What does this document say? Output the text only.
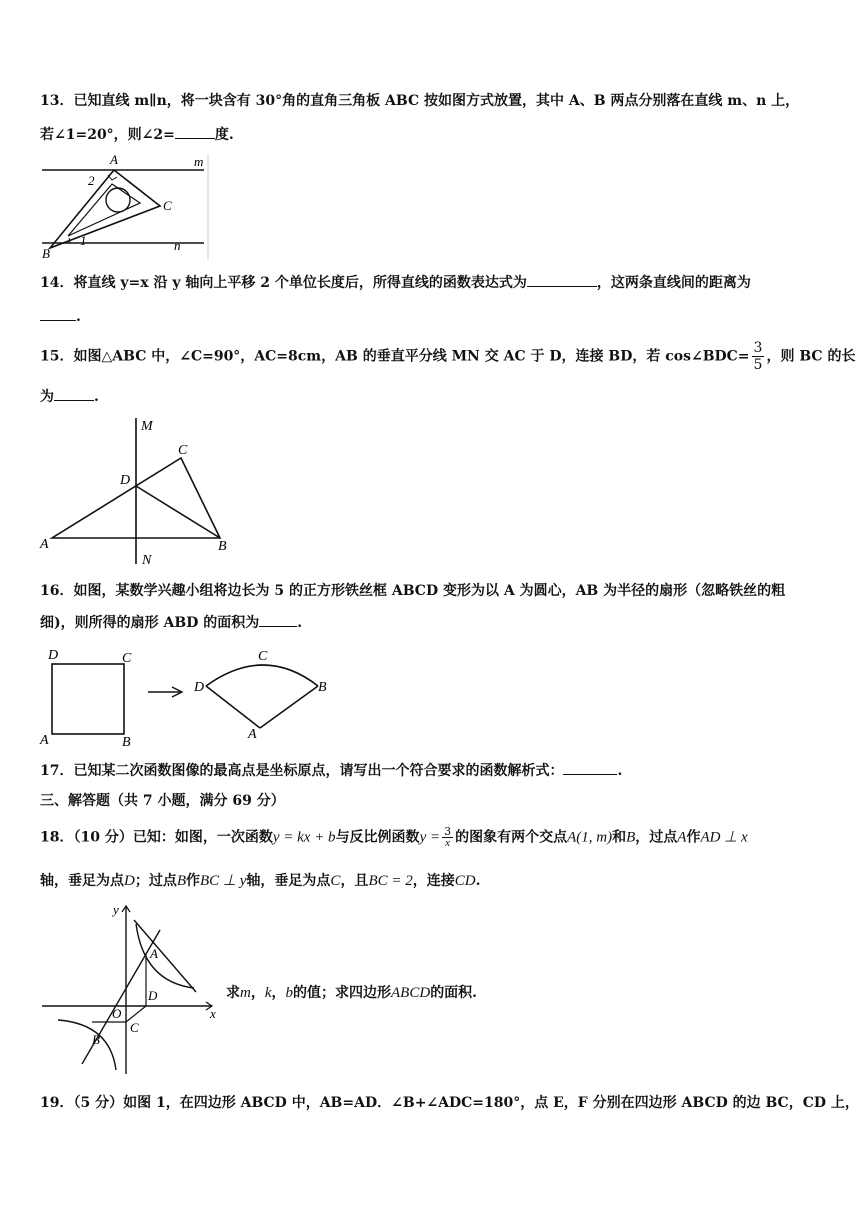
13．已知直线 m∥n，将一块含有 30°角的直角三角板 ABC 按如图方式放置，其中 A、B 两点分别落在直线 m、n 上，
若∠1=20°，则∠2=	度.
A
2
C
B
1
m
n
14．将直线 y=x 沿 y 轴向上平移 2 个单位长度后，所得直线的函数表达式为	，这两条直线间的距离为
.
15．如图△ABC 中，∠C=90°，AC=8cm，AB 的垂直平分线 MN 交 AC 于 D，连接 BD，若 cos∠BDC= $\frac{3}{5}$ ，则 BC 的长
为	.
M
C
D
A	B
N
16．如图，某数学兴趣小组将边长为 5 的正方形铁丝框 ABCD 变形为以 A 为圆心，AB 为半径的扇形（忽略铁丝的粗
细)，则所得的扇形 ABD 的面积为	.
D	C
A	B
C
D	B
A
17．已知某二次函数图像的最高点是坐标原点，请写出一个符合要求的函数解析式：	.
三、解答题（共 7 小题，满分 69 分）
18．（10 分）已知：如图，一次函数y = kx + b与反比例函数$y = \frac{3}{x}$ 的图象有两个交点A(1, m)和B，过点A作AD ⊥ x
轴，垂足为点D；过点B作BC ⊥ y轴，垂足为点C，且BC = 2，连接CD.
y
A
D
O
C
B
x
求m，k，b的值；求四边形ABCD的面积.
19．（5 分）如图 1，在四边形 ABCD 中，AB=AD．∠B+∠ADC=180°，点 E，F 分别在四边形 ABCD 的边 BC，CD 上，
